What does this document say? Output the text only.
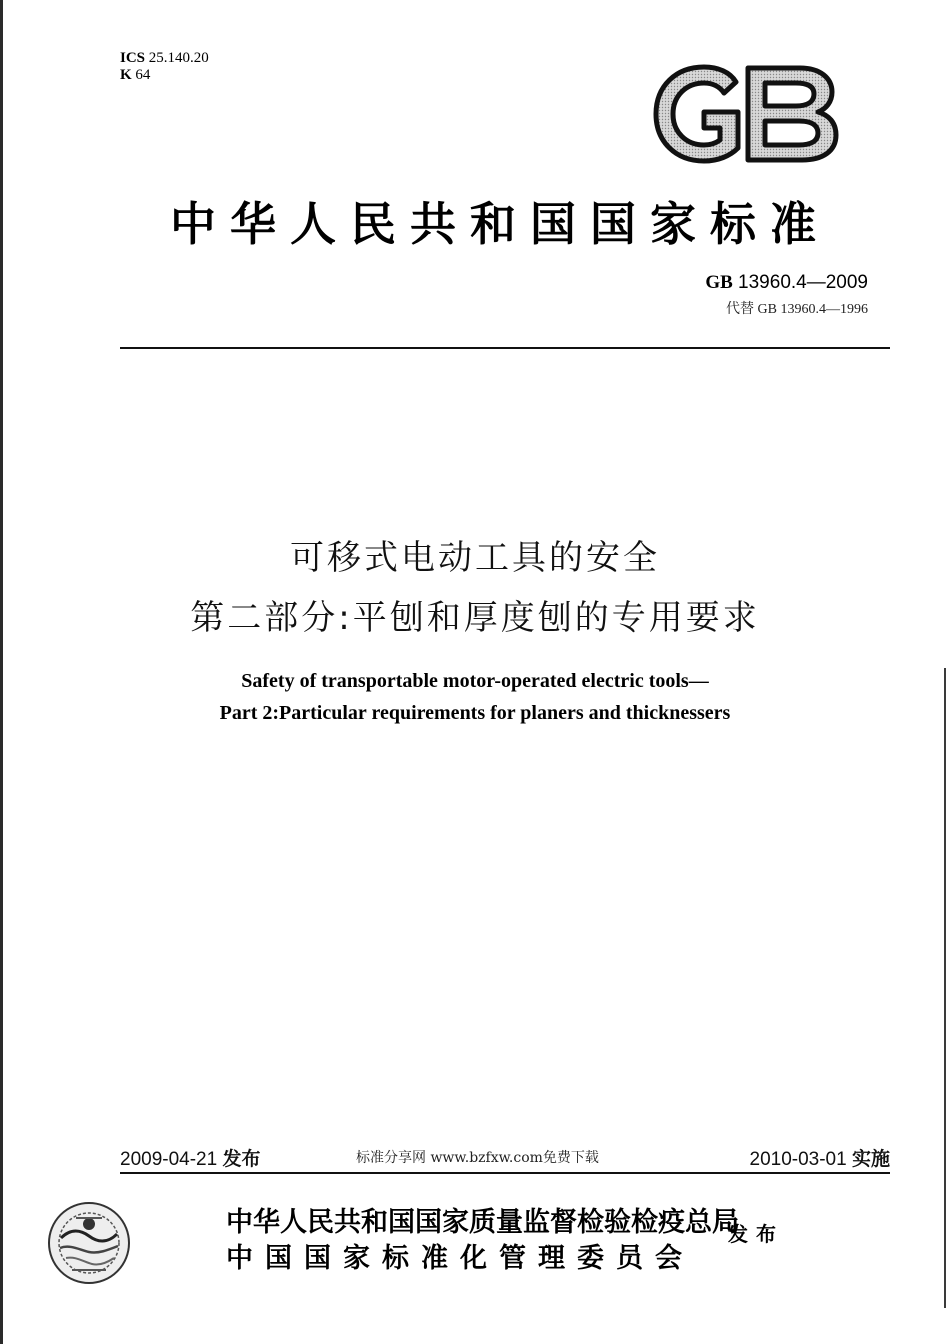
ICS 25.140.20
K 64
中华人民共和国国家标准
GB 13960.4—2009
代替 GB 13960.4—1996
可移式电动工具的安全
第二部分:平刨和厚度刨的专用要求
Safety of transportable motor-operated electric tools—
Part 2:Particular requirements for planers and thicknessers
2009-04-21 发布	标准分享网 www.bzfxw.com免费下载	2010-03-01 实施
中华人民共和国国家质量监督检验检疫总局
中国国家标准化管理委员会
发布
